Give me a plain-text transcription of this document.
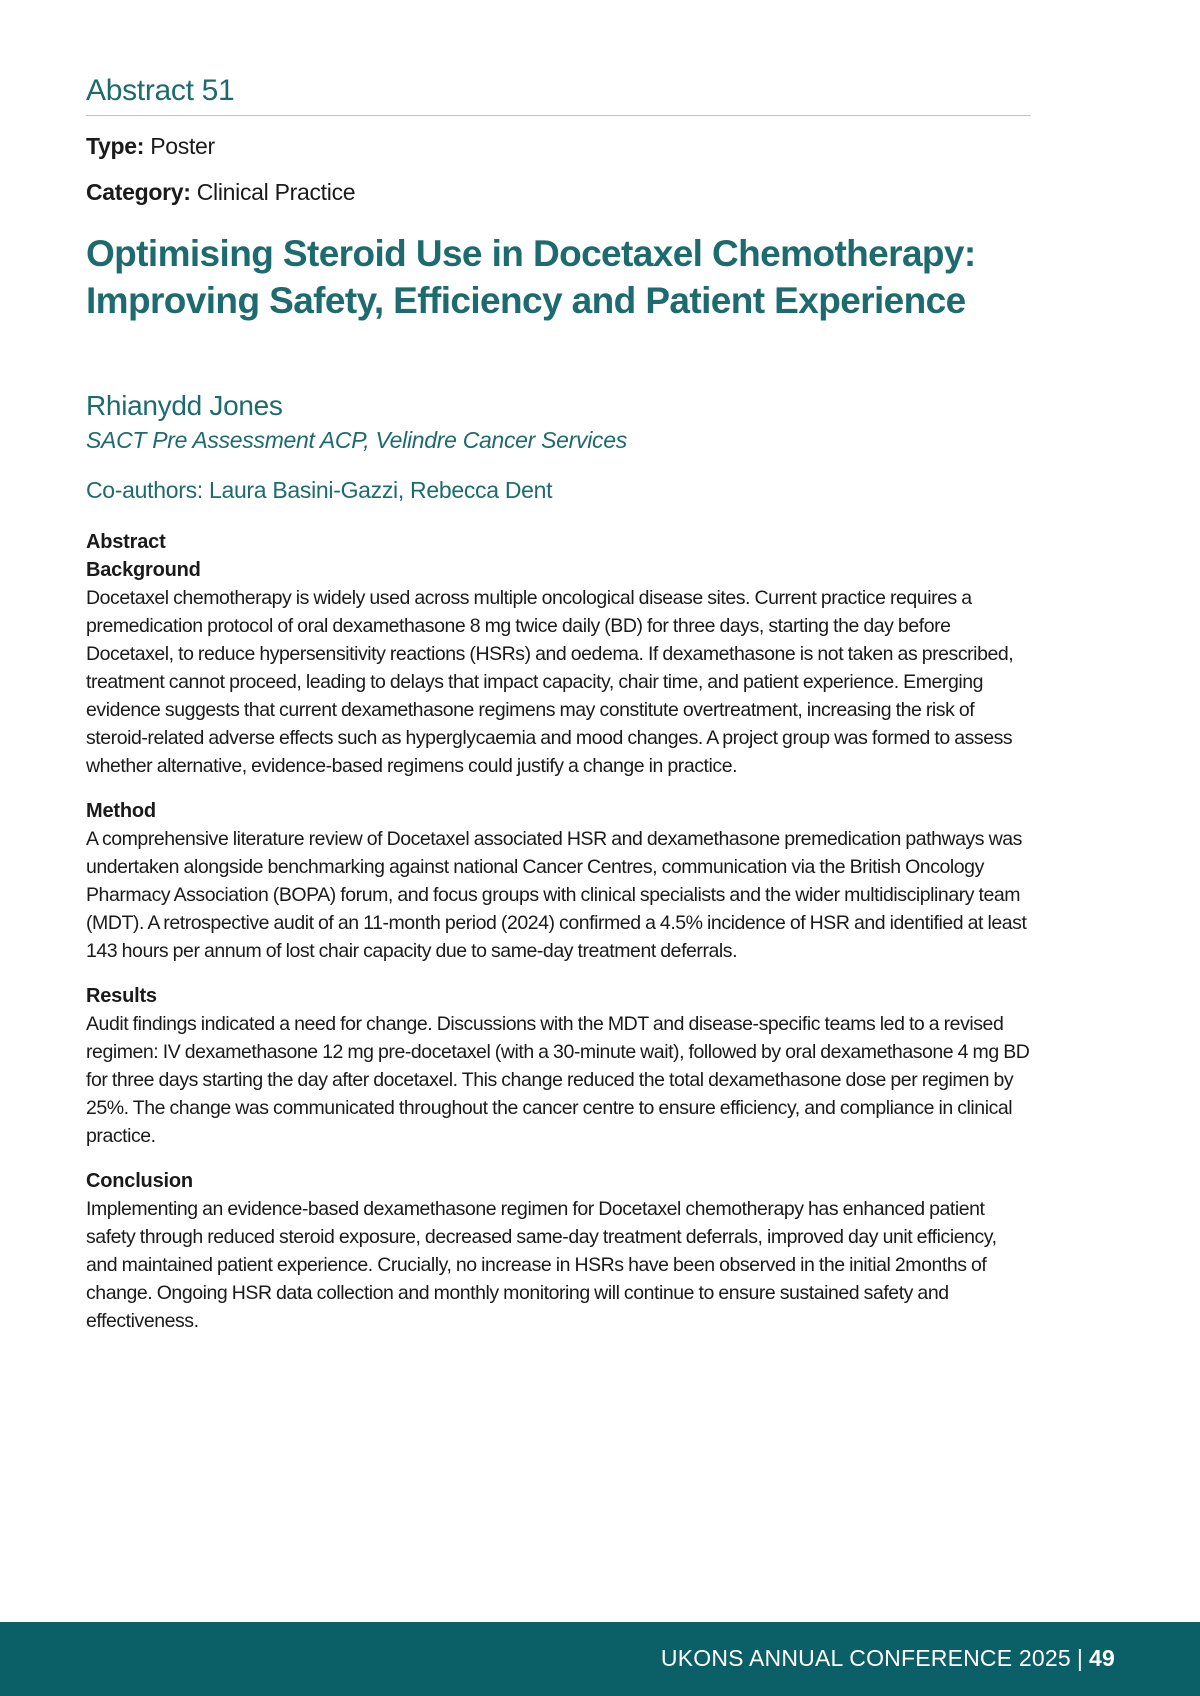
Abstract 51
Type: Poster
Category: Clinical Practice
Optimising Steroid Use in Docetaxel Chemotherapy: Improving Safety, Efficiency and Patient Experience
Rhianydd Jones
SACT Pre Assessment ACP, Velindre Cancer Services
Co-authors: Laura Basini-Gazzi, Rebecca Dent
Abstract
Background

Docetaxel chemotherapy is widely used across multiple oncological disease sites. Current practice requires a premedication protocol of oral dexamethasone 8 mg twice daily (BD) for three days, starting the day before Docetaxel, to reduce hypersensitivity reactions (HSRs) and oedema. If dexamethasone is not taken as prescribed, treatment cannot proceed, leading to delays that impact capacity, chair time, and patient experience. Emerging evidence suggests that current dexamethasone regimens may constitute overtreatment, increasing the risk of steroid-related adverse effects such as hyperglycaemia and mood changes. A project group was formed to assess whether alternative, evidence-based regimens could justify a change in practice.

Method

A comprehensive literature review of Docetaxel associated HSR and dexamethasone premedication pathways was undertaken alongside benchmarking against national Cancer Centres, communication via the British Oncology Pharmacy Association (BOPA) forum, and focus groups with clinical specialists and the wider multidisciplinary team (MDT). A retrospective audit of an 11-month period (2024) confirmed a 4.5% incidence of HSR and identified at least 143 hours per annum of lost chair capacity due to same-day treatment deferrals.

Results

Audit findings indicated a need for change. Discussions with the MDT and disease-specific teams led to a revised regimen: IV dexamethasone 12 mg pre-docetaxel (with a 30-minute wait), followed by oral dexamethasone 4 mg BD for three days starting the day after docetaxel. This change reduced the total dexamethasone dose per regimen by 25%. The change was communicated throughout the cancer centre to ensure efficiency, and compliance in clinical practice.

Conclusion

Implementing an evidence-based dexamethasone regimen for Docetaxel chemotherapy has enhanced patient safety through reduced steroid exposure, decreased same-day treatment deferrals, improved day unit efficiency, and maintained patient experience. Crucially, no increase in HSRs have been observed in the initial 2months of change. Ongoing HSR data collection and monthly monitoring will continue to ensure sustained safety and effectiveness.

UKONS ANNUAL CONFERENCE 2025 | 49
